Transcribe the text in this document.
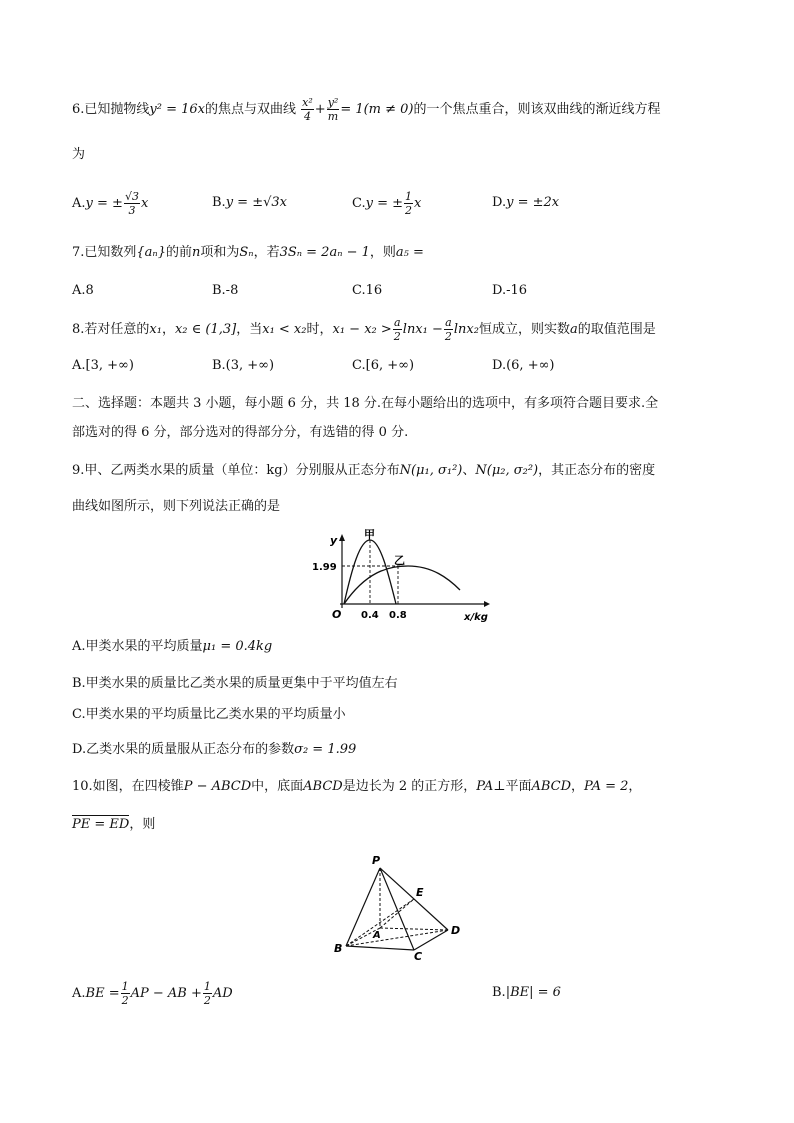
6.已知抛物线y² = 16x的焦点与双曲线 $\frac{\text{x²}}{4} + \frac{\text{y²}}{m} = 1(m \ne 0)$的一个焦点重合，则该双曲线的渐近线方程
为
A.y = ± $\frac{√3}{3}$ x	B.y = ±√3x	C.y = ± $\frac{1}{2}$ x	D.y = ±2x
7.已知数列{aₙ}的前n项和为Sₙ，若3Sₙ = 2aₙ − 1，则a₅ =
A.8	B.-8	C.16	D.-16
8.若对任意的x₁，x₂ ∈ (1,3]，当x₁ < x₂时，$x_1 - x_2 > \frac{a}{2} \ln x_1 - \frac{a}{2} \ln x_2$恒成立，则实数a的取值范围是
A.[3, +∞)	B.(3, +∞)	C.[6, +∞)	D.(6, +∞)
二、选择题：本题共 3 小题，每小题 6 分，共 18 分.在每小题给出的选项中，有多项符合题目要求.全
部选对的得 6 分，部分选对的得部分分，有选错的得 0 分.
9.甲、乙两类水果的质量（单位：kg）分别服从正态分布N(μ₁, σ₁²)、N(μ₂, σ₂²)，其正态分布的密度
曲线如图所示，则下列说法正确的是
y 甲
乙
1.99
O 0.4 0.8	x/kg
A.甲类水果的平均质量μ₁ = 0.4kg
B.甲类水果的质量比乙类水果的质量更集中于平均值左右
C.甲类水果的平均质量比乙类水果的平均质量小
D.乙类水果的质量服从正态分布的参数σ₂ = 1.99
10.如图，在四棱锥P − ABCD中，底面ABCD是边长为 2 的正方形，PA⊥平面ABCD，PA = 2，
PE = ED，则
P
E
A
B
C
D
$A.BE = \frac{1}{2}$ AP − AB + $\frac{1}{2}$ AD	B.|BE| = 6
